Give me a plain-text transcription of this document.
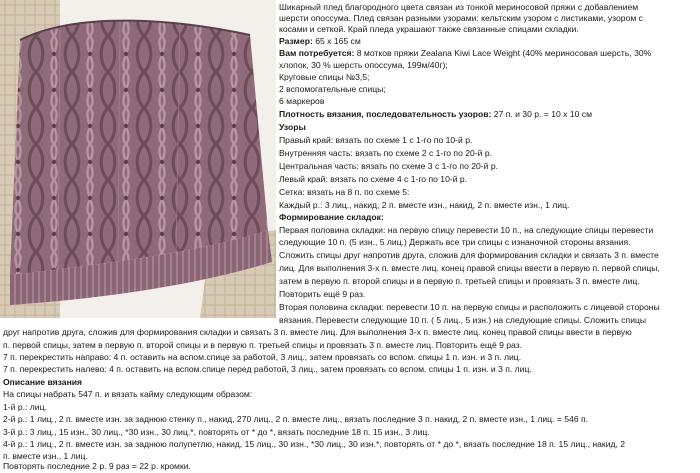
Шикарный плед благородного цвета связан из тонкой мериносовой пряжи с добавлением
шерсти опоссума. Плед связан разными узорами: кельтским узором с листиками, узором с
косами и сеткой. Край пледа украшают также связанные спицами складки.
Размер: 65 х 165 см
Вам потребуется: 8 мотков пряжи Zealana Kiwi Lace Weight (40% мериносовая шерсть, 30%
хлопок, 30 % шерсть опоссума, 199м/40г);
Круговые спицы №3,5;
2 вспомогательные спицы;
6 маркеров
Плотность вязания, последовательность узоров: 27 п. и 30 р. = 10 х 10 см
Узоры
Правый край: вязать по схеме 1 с 1-го по 10-й р.
Внутренняя часть: вязать по схеме 2 с 1-го по 20-й р.
Центральная часть: вязать по схеме 3 с 1-го по 20-й р.
Левый край: вязать по схеме 4 с 1-го по 10-й р.
Сетка: вязать на 8 п. по схеме 5:
Каждый р.: 3 лиц., накид, 2 п. вместе изн., накид, 2 п. вместе изн., 1 лиц.
Формирование складок:
Первая половина складки: на первую спицу перевести 10 п., на следующие спицы перевести
следующие 10 п. (5 изн., 5 лиц.) Держать все три спицы с изнаночной стороны вязания.
Сложить спицы друг напротив друга, сложив для формирования складки и связать 3 п. вместе
лиц. Для выполнения 3-х п. вместе лиц. конец правой спицы ввести в первую п. первой спицы,
затем в первую п. второй спицы и в первую п. третьей спицы и провязать 3 п. вместе лиц.
Повторить ещё 9 раз.
Вторая половина складки: перевести 10 п. на первую спицы и расположить с лицевой стороны
вязания. Перевести следующие 10 п. ( 5 лиц., 5 изн.) на следующие спицы. Сложить спицы
друг напротив друга, сложив для формирования складки и связать 3 п. вместе лиц. Для выполнения 3-х п. вместе лиц. конец правой спицы ввести в первую
п. первой спицы, затем в первую п. второй спицы и в первую п. третьей спицы и провязать 3 п. вместе лиц. Повторить ещё 9 раз.
7 п. перекрестить направо: 4 п. оставить на вспом.спице за работой, 3 лиц., затем провязать со вспом. спицы 1 п. изн. и 3 п. лиц.
7 п. перекрестить налево: 4 п. оставить на вспом.спице перед работой, 3 лиц., затем провязать со вспом. спицы 1 п. изн. и 3 п. лиц.
Описание вязания
На спицы набрать 547 п. и вязать кайму следующим образом:
1-й р.: лиц.
2-й р.: 1 лиц., 2 п. вместе изн. за заднюю стенку п., накид, 270 лиц., 2 п. вместе лиц., вязать последние 3 п. накид, 2 п. вместе изн., 1 лиц. = 546 п.
3-й р.: 3 лиц., 15 изн., 30 лиц., *30 изн., 30 лиц.*, повторять от * до *, вязать последние 18 п. 15 изн., 3 лиц.
4-й р.: 1 лиц., 2 п. вместе изн. за заднюю полупетлю, накид, 15 лиц., 30 изн., *30 лиц., 30 изн.*, повторять от * до *, вязать последние 18 п. 15 лиц., накид, 2
п. вместе изн., 1 лиц.
Повторять последние 2 р. 9 раз = 22 р. кромки.
